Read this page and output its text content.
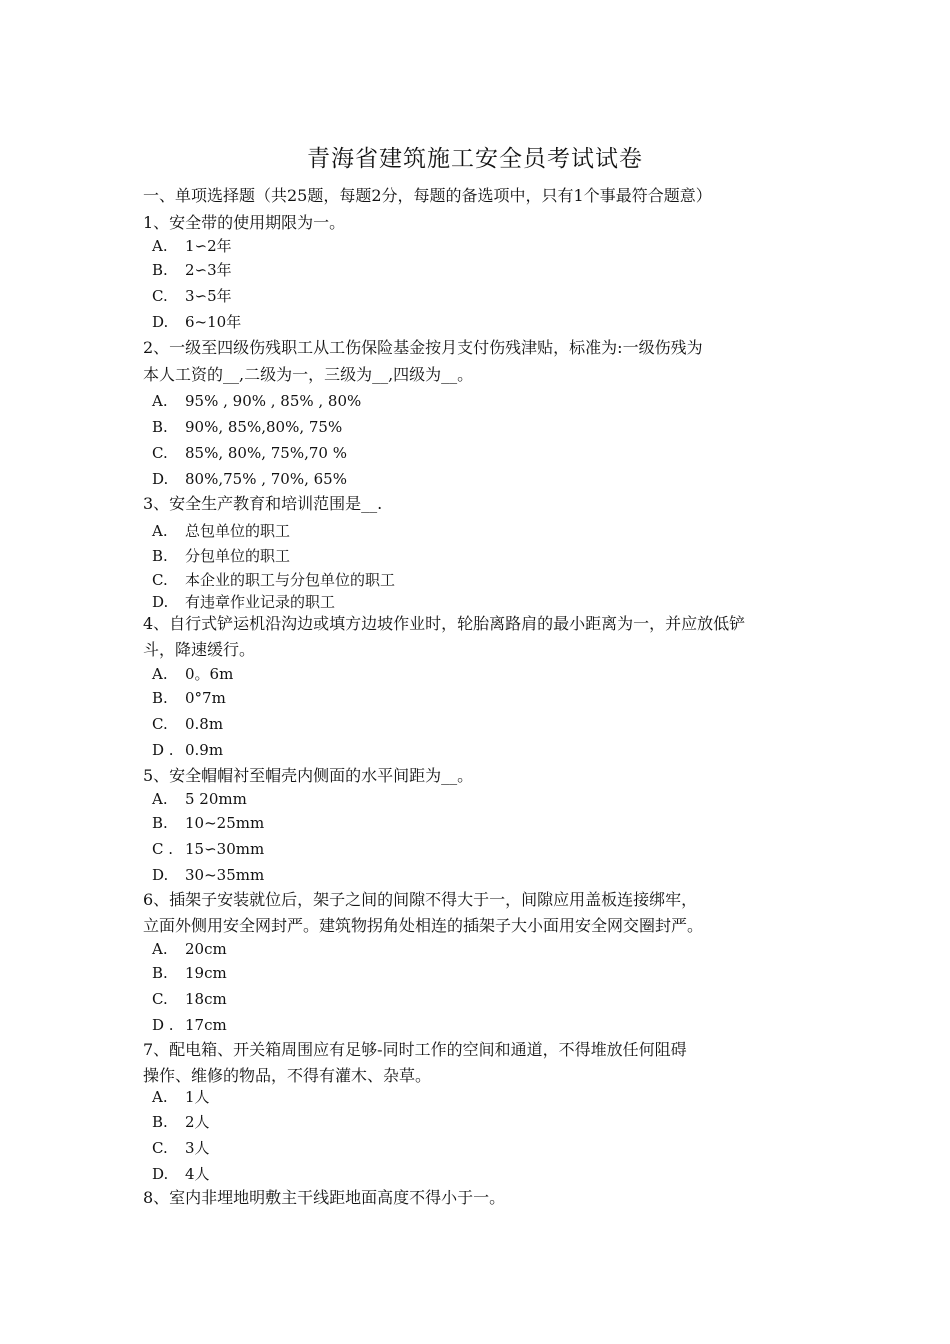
青海省建筑施工安全员考试试卷
一、单项选择题（共25题，每题2分，每题的备选项中，只有1个事最符合题意）
1、安全带的使用期限为一。
A. 1∽2年
B. 2∽3年
C. 3∽5年
D. 6~10年
2、一级至四级伤残职工从工伤保险基金按月支付伤残津贴，标准为:一级伤残为
本人工资的__,二级为一，三级为__,四级为__。
A. 95% , 90% , 85% , 80%
B. 90%, 85%,80%, 75%
C. 85%, 80%, 75%,70 %
D. 80%,75% , 70%, 65%
3、安全生产教育和培训范围是__.
A. 总包单位的职工
B. 分包单位的职工
C. 本企业的职工与分包单位的职工
D. 有违章作业记录的职工
4、自行式铲运机沿沟边或填方边坡作业时，轮胎离路肩的最小距离为一，并应放低铲
斗，降速缓行。
A. 0。6m
B. 0°7m
C. 0.8m
D . 0.9m
5、安全帽帽衬至帽壳内侧面的水平间距为__。
A. 5 20mm
B. 10~25mm
C . 15∽30mm
D. 30~35mm
6、插架子安装就位后，架子之间的间隙不得大于一，间隙应用盖板连接绑牢，
立面外侧用安全网封严。建筑物拐角处相连的插架子大小面用安全网交圈封严。
A. 20cm
B. 19cm
C. 18cm
D . 17cm
7、配电箱、开关箱周围应有足够-同时工作的空间和通道，不得堆放任何阻碍
操作、维修的物品，不得有灌木、杂草。
A. 1人
B. 2人
C. 3人
D. 4人
8、室内非埋地明敷主干线距地面高度不得小于一。
